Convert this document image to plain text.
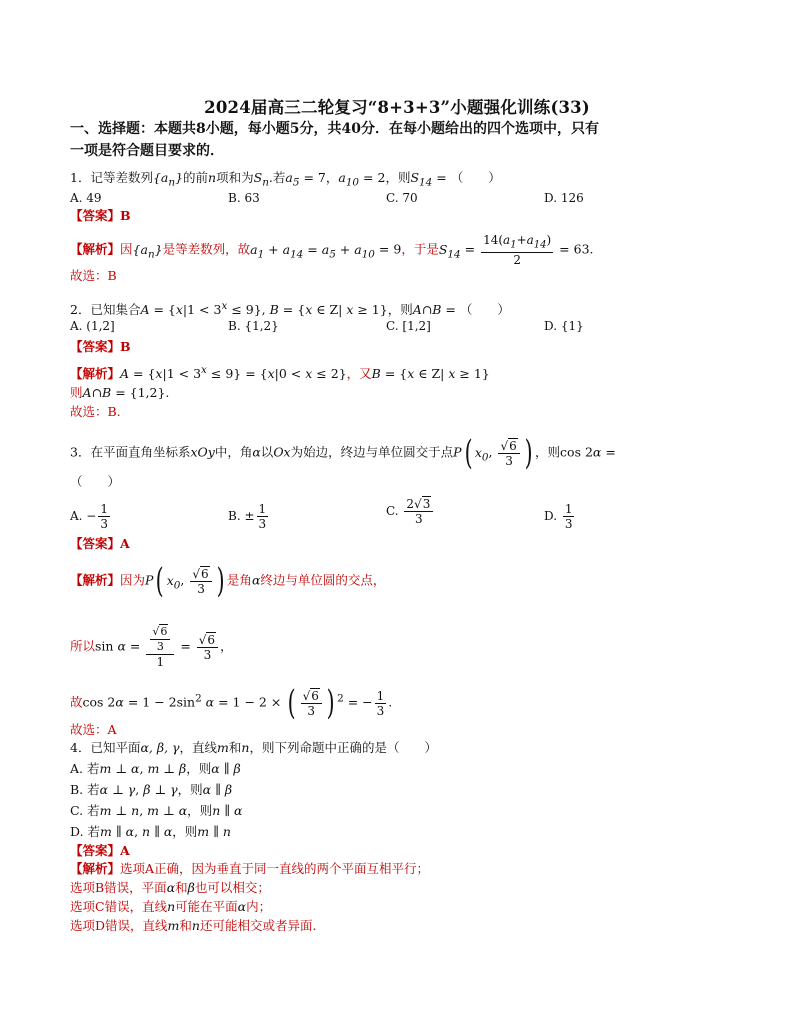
2024届高三二轮复习“8+3+3”小题强化训练(33)
一、选择题：本题共8小题，每小题5分，共40分．在每小题给出的四个选项中，只有
一项是符合题目要求的．
1．记等差数列$\{a_n\}$的前n项和为$S_n$.若$a_5 = 7$，$a_{10} = 2$，则$S_{14}$ = （　　）
A. 49	B. 63	C. 70	D. 126
【答案】B
【解析】因$\{a_n\}$是等差数列，故$a_1 + a_{14} = a_5 + a_{10} = 9$，于是$S_{14} = \frac{14(a_1+a_{14})}{2} = 63$.
故选：B
2．已知集合$A = \{x|1 < 3^x \le 9\}$, B = {x ∈ Z| x ≥ 1}，则A∩B = （　　）
A. (1,2]	B. {1,2}	C. [1,2]	D. {1}
【答案】B
【解析】$A = \{x|1 < 3^x \le 9\} = \{x|0 < x \le 2\}$，又B = {x ∈ Z| x ≥ 1}
则A∩B = {1,2}.
故选：B.
3．在平面直角坐标系xOy中，角α以Ox为始边，终边与单位圆交于点P( $x_0$, $\frac{√6}{3}$ ) ，则cos 2α =
（　　）
A. − $\frac{1}{3}$	B. ± $\frac{1}{3}$	C. $\frac{2√3}{3}$	D. $\frac{1}{3}$
【答案】A
【解析】因为P( $x_0$, $\frac{√6}{3}$ ) 是角α终边与单位圆的交点，
所以$\sin \alpha = \frac{\frac{√6}{3}}{1} = \frac{√6}{3}$ ，
故$\cos 2\alpha = 1 - 2\sin^2$ α = 1 − 2 × ( $\frac{√6}{3}$ ) $^2$ = − $\frac{1}{3}$ .
故选：A
4．已知平面α, β, γ，直线m和n，则下列命题中正确的是（　　）
A. 若m ⊥ α, m ⊥ β，则α ∥ β
B. 若α ⊥ γ, β ⊥ γ，则α ∥ β
C. 若m ⊥ n, m ⊥ α，则n ∥ α
D. 若m ∥ α, n ∥ α，则m ∥ n
【答案】A
【解析】选项A正确，因为垂直于同一直线的两个平面互相平行；
选项B错误，平面α和β也可以相交；
选项C错误，直线n可能在平面α内；
选项D错误，直线m和n还可能相交或者异面.
